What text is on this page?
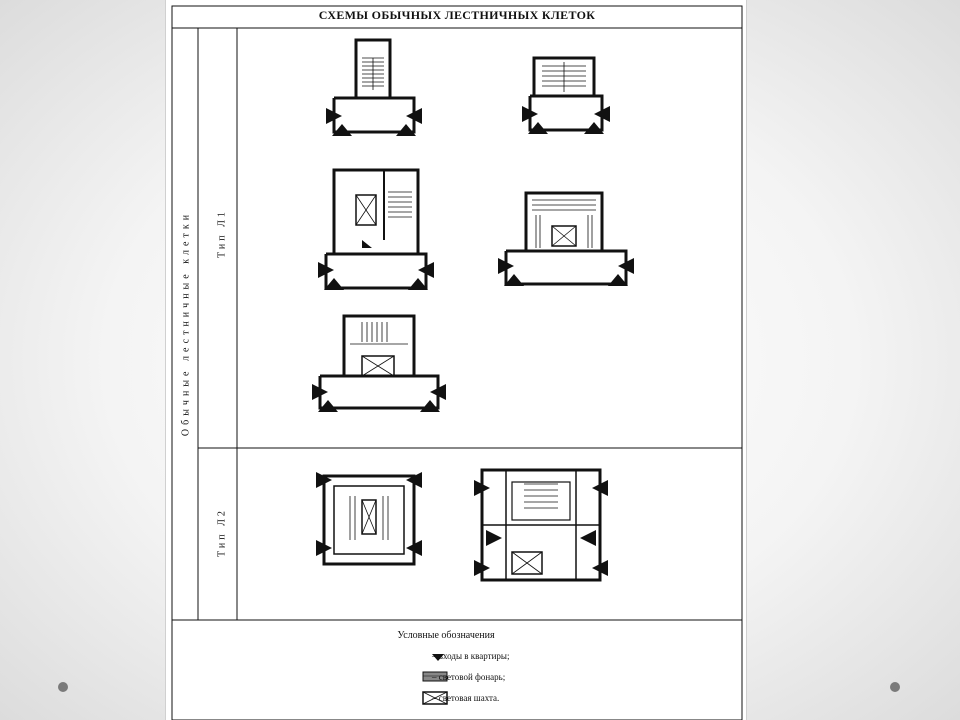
СХЕМЫ ОБЫЧНЫХ ЛЕСТНИЧНЫХ КЛЕТОК
Обычные лестничные клетки	Тип Л1
Тип Л2
Условные обозначения
– входы в квартиры;
– световой фонарь;
– световая шахта.
